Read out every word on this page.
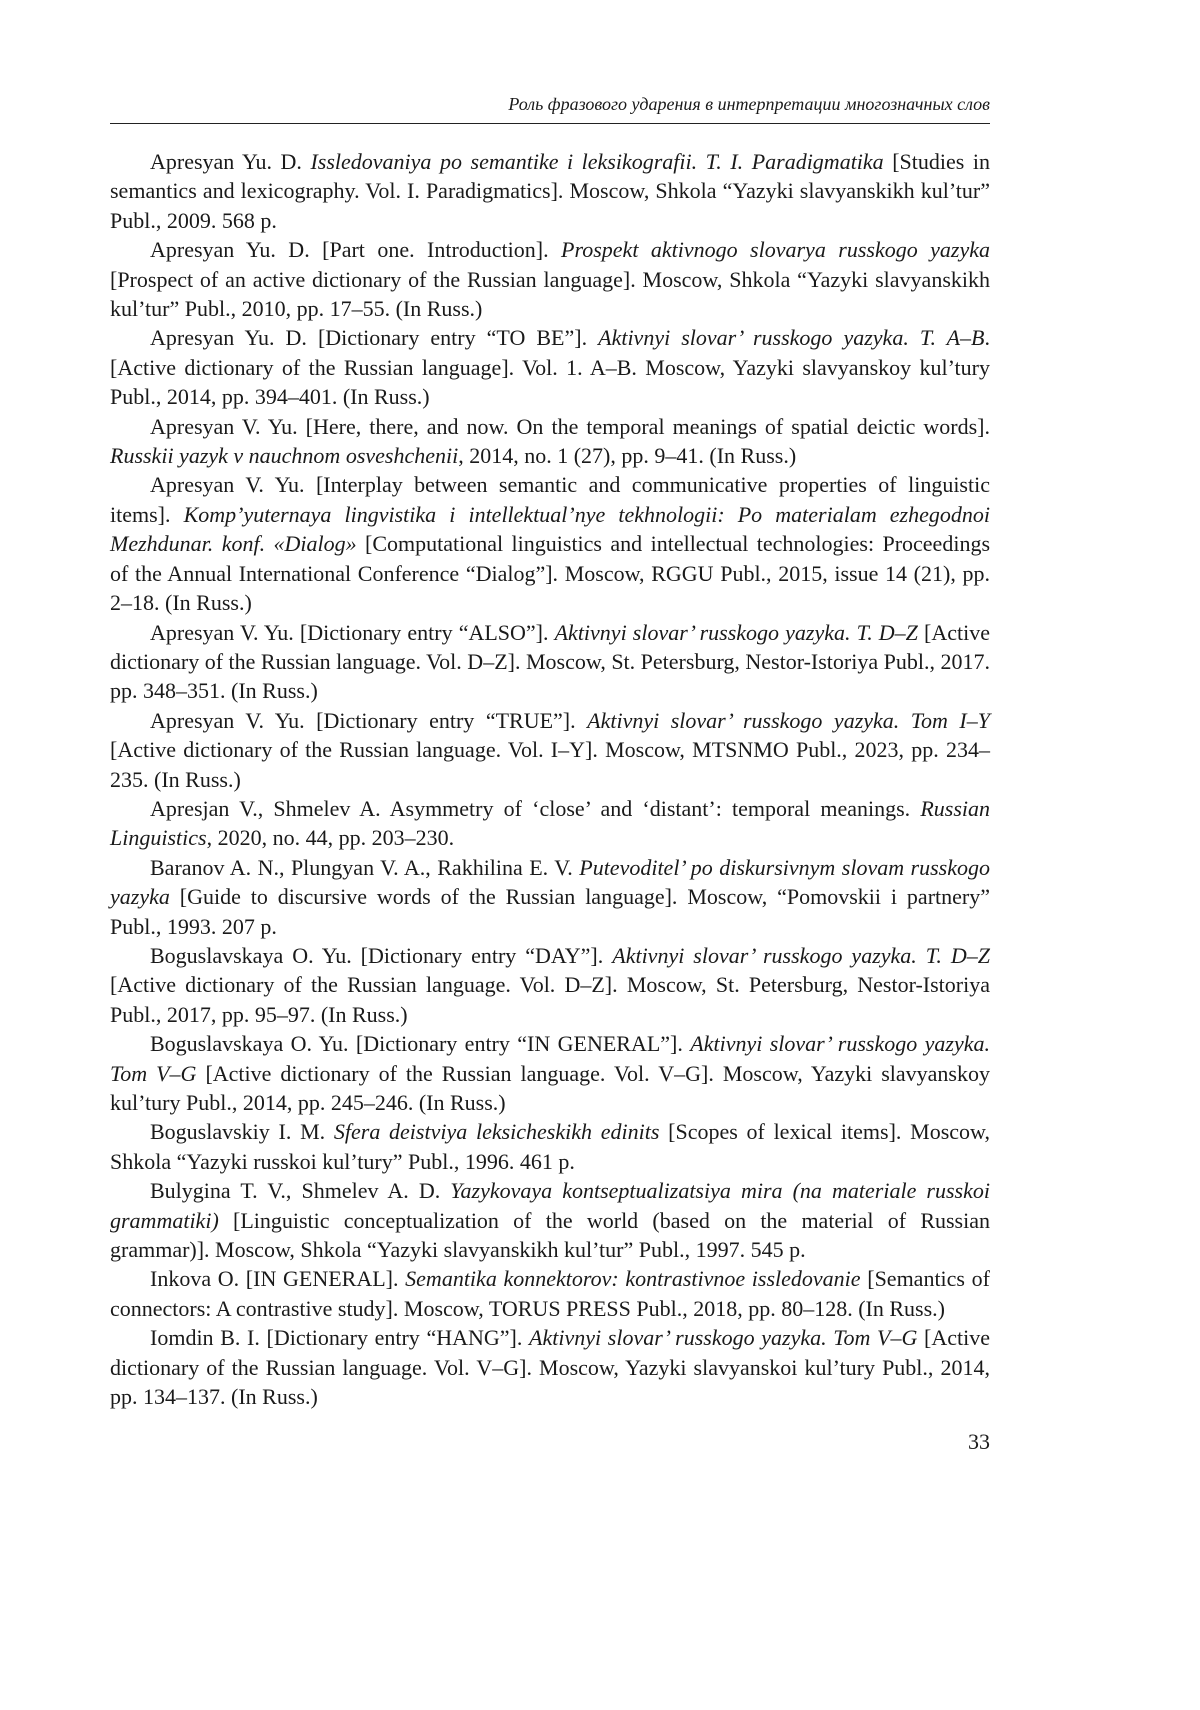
Роль фразового ударения в интерпретации многозначных слов

Apresyan Yu. D. Issledovaniya po semantike i leksikografii. T. I. Paradigmatika [Studies in semantics and lexicography. Vol. I. Paradigmatics]. Moscow, Shkola “Yazyki slavyanskikh kul’tur” Publ., 2009. 568 p.

Apresyan Yu. D. [Part one. Introduction]. Prospekt aktivnogo slovarya russkogo yazyka [Prospect of an active dictionary of the Russian language]. Moscow, Shkola “Yazyki slavyanskikh kul’tur” Publ., 2010, pp. 17–55. (In Russ.)

Apresyan Yu. D. [Dictionary entry “TO BE”]. Aktivnyi slovar’ russkogo yazyka. T. A–B. [Active dictionary of the Russian language]. Vol. 1. A–B. Moscow, Yazyki slavyanskoy kul’tury Publ., 2014, pp. 394–401. (In Russ.)

Apresyan V. Yu. [Here, there, and now. On the temporal meanings of spatial deictic words]. Russkii yazyk v nauchnom osveshchenii, 2014, no. 1 (27), pp. 9–41. (In Russ.)

Apresyan V. Yu. [Interplay between semantic and communicative properties of linguistic items]. Komp’yuternaya lingvistika i intellektual’nye tekhnologii: Po materialam ezhegodnoi Mezhdunar. konf. «Dialog» [Computational linguistics and intellectual technologies: Proceedings of the Annual International Conference “Dialog”]. Moscow, RGGU Publ., 2015, issue 14 (21), pp. 2–18. (In Russ.)

Apresyan V. Yu. [Dictionary entry “ALSO”]. Aktivnyi slovar’ russkogo yazyka. T. D–Z [Active dictionary of the Russian language. Vol. D–Z]. Moscow, St. Petersburg, Nestor-Istoriya Publ., 2017. pp. 348–351. (In Russ.)

Apresyan V. Yu. [Dictionary entry “TRUE”]. Aktivnyi slovar’ russkogo yazyka. Tom I–Y [Active dictionary of the Russian language. Vol. I–Y]. Moscow, MTSNMO Publ., 2023, pp. 234–235. (In Russ.)

Apresjan V., Shmelev A. Asymmetry of ‘close’ and ‘distant’: temporal meanings. Russian Linguistics, 2020, no. 44, pp. 203–230.

Baranov A. N., Plungyan V. A., Rakhilina E. V. Putevoditel’ po diskursivnym slovam russkogo yazyka [Guide to discursive words of the Russian language]. Moscow, “Pomovskii i partnery” Publ., 1993. 207 p.

Boguslavskaya O. Yu. [Dictionary entry “DAY”]. Aktivnyi slovar’ russkogo yazyka. T. D–Z [Active dictionary of the Russian language. Vol. D–Z]. Moscow, St. Petersburg, Nestor-Istoriya Publ., 2017, pp. 95–97. (In Russ.)

Boguslavskaya O. Yu. [Dictionary entry “IN GENERAL”]. Aktivnyi slovar’ russkogo yazyka. Tom V–G [Active dictionary of the Russian language. Vol. V–G]. Moscow, Yazyki slavyanskoy kul’tury Publ., 2014, pp. 245–246. (In Russ.)

Boguslavskiy I. M. Sfera deistviya leksicheskikh edinits [Scopes of lexical items]. Moscow, Shkola “Yazyki russkoi kul’tury” Publ., 1996. 461 p.

Bulygina T. V., Shmelev A. D. Yazykovaya kontseptualizatsiya mira (na materiale russkoi grammatiki) [Linguistic conceptualization of the world (based on the material of Russian grammar)]. Moscow, Shkola “Yazyki slavyanskikh kul’tur” Publ., 1997. 545 p.

Inkova O. [IN GENERAL]. Semantika konnektorov: kontrastivnoe issledovanie [Semantics of connectors: A contrastive study]. Moscow, TORUS PRESS Publ., 2018, pp. 80–128. (In Russ.)

Iomdin B. I. [Dictionary entry “HANG”]. Aktivnyi slovar’ russkogo yazyka. Tom V–G [Active dictionary of the Russian language. Vol. V–G]. Moscow, Yazyki slavyanskoi kul’tury Publ., 2014, pp. 134–137. (In Russ.)

33
